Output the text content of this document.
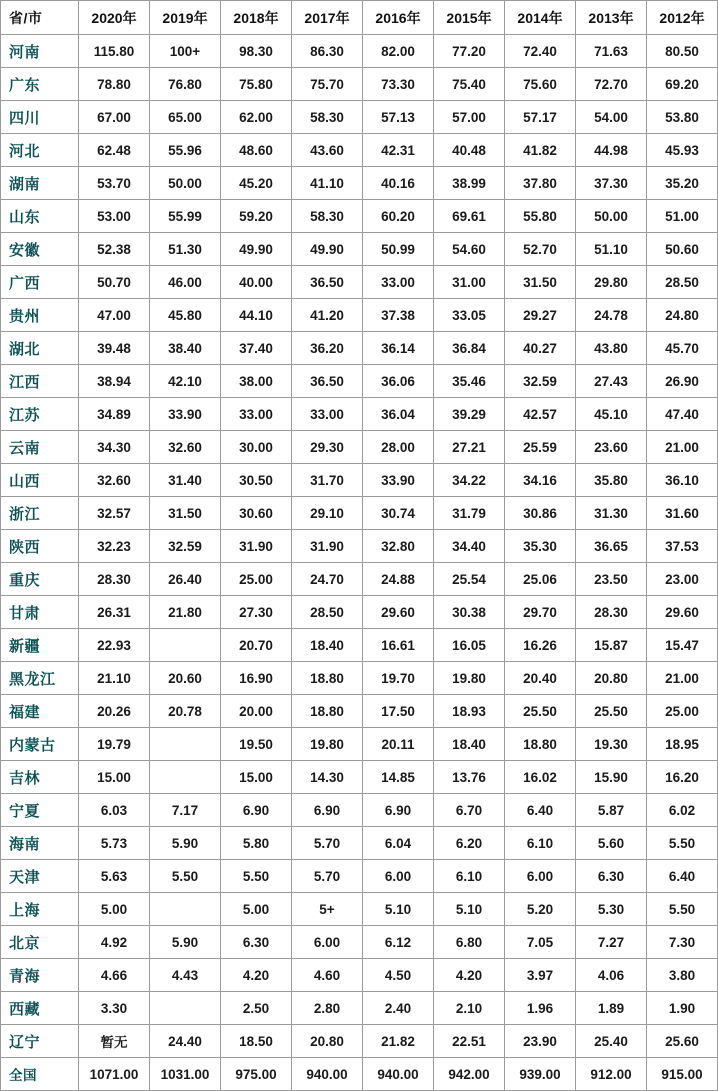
省/市	2020年	2019年	2018年	2017年	2016年	2015年	2014年	2013年	2012年
河南	115.80	100+	98.30	86.30	82.00	77.20	72.40	71.63	80.50
广东	78.80	76.80	75.80	75.70	73.30	75.40	75.60	72.70	69.20
四川	67.00	65.00	62.00	58.30	57.13	57.00	57.17	54.00	53.80
河北	62.48	55.96	48.60	43.60	42.31	40.48	41.82	44.98	45.93
湖南	53.70	50.00	45.20	41.10	40.16	38.99	37.80	37.30	35.20
山东	53.00	55.99	59.20	58.30	60.20	69.61	55.80	50.00	51.00
安徽	52.38	51.30	49.90	49.90	50.99	54.60	52.70	51.10	50.60
广西	50.70	46.00	40.00	36.50	33.00	31.00	31.50	29.80	28.50
贵州	47.00	45.80	44.10	41.20	37.38	33.05	29.27	24.78	24.80
湖北	39.48	38.40	37.40	36.20	36.14	36.84	40.27	43.80	45.70
江西	38.94	42.10	38.00	36.50	36.06	35.46	32.59	27.43	26.90
江苏	34.89	33.90	33.00	33.00	36.04	39.29	42.57	45.10	47.40
云南	34.30	32.60	30.00	29.30	28.00	27.21	25.59	23.60	21.00
山西	32.60	31.40	30.50	31.70	33.90	34.22	34.16	35.80	36.10
浙江	32.57	31.50	30.60	29.10	30.74	31.79	30.86	31.30	31.60
陕西	32.23	32.59	31.90	31.90	32.80	34.40	35.30	36.65	37.53
重庆	28.30	26.40	25.00	24.70	24.88	25.54	25.06	23.50	23.00
甘肃	26.31	21.80	27.30	28.50	29.60	30.38	29.70	28.30	29.60
新疆	22.93		20.70	18.40	16.61	16.05	16.26	15.87	15.47
黑龙江	21.10	20.60	16.90	18.80	19.70	19.80	20.40	20.80	21.00
福建	20.26	20.78	20.00	18.80	17.50	18.93	25.50	25.50	25.00
内蒙古	19.79		19.50	19.80	20.11	18.40	18.80	19.30	18.95
吉林	15.00		15.00	14.30	14.85	13.76	16.02	15.90	16.20
宁夏	6.03	7.17	6.90	6.90	6.90	6.70	6.40	5.87	6.02
海南	5.73	5.90	5.80	5.70	6.04	6.20	6.10	5.60	5.50
天津	5.63	5.50	5.50	5.70	6.00	6.10	6.00	6.30	6.40
上海	5.00		5.00	5+	5.10	5.10	5.20	5.30	5.50
北京	4.92	5.90	6.30	6.00	6.12	6.80	7.05	7.27	7.30
青海	4.66	4.43	4.20	4.60	4.50	4.20	3.97	4.06	3.80
西藏	3.30		2.50	2.80	2.40	2.10	1.96	1.89	1.90
辽宁	暂无	24.40	18.50	20.80	21.82	22.51	23.90	25.40	25.60
全国	1071.00	1031.00	975.00	940.00	940.00	942.00	939.00	912.00	915.00
